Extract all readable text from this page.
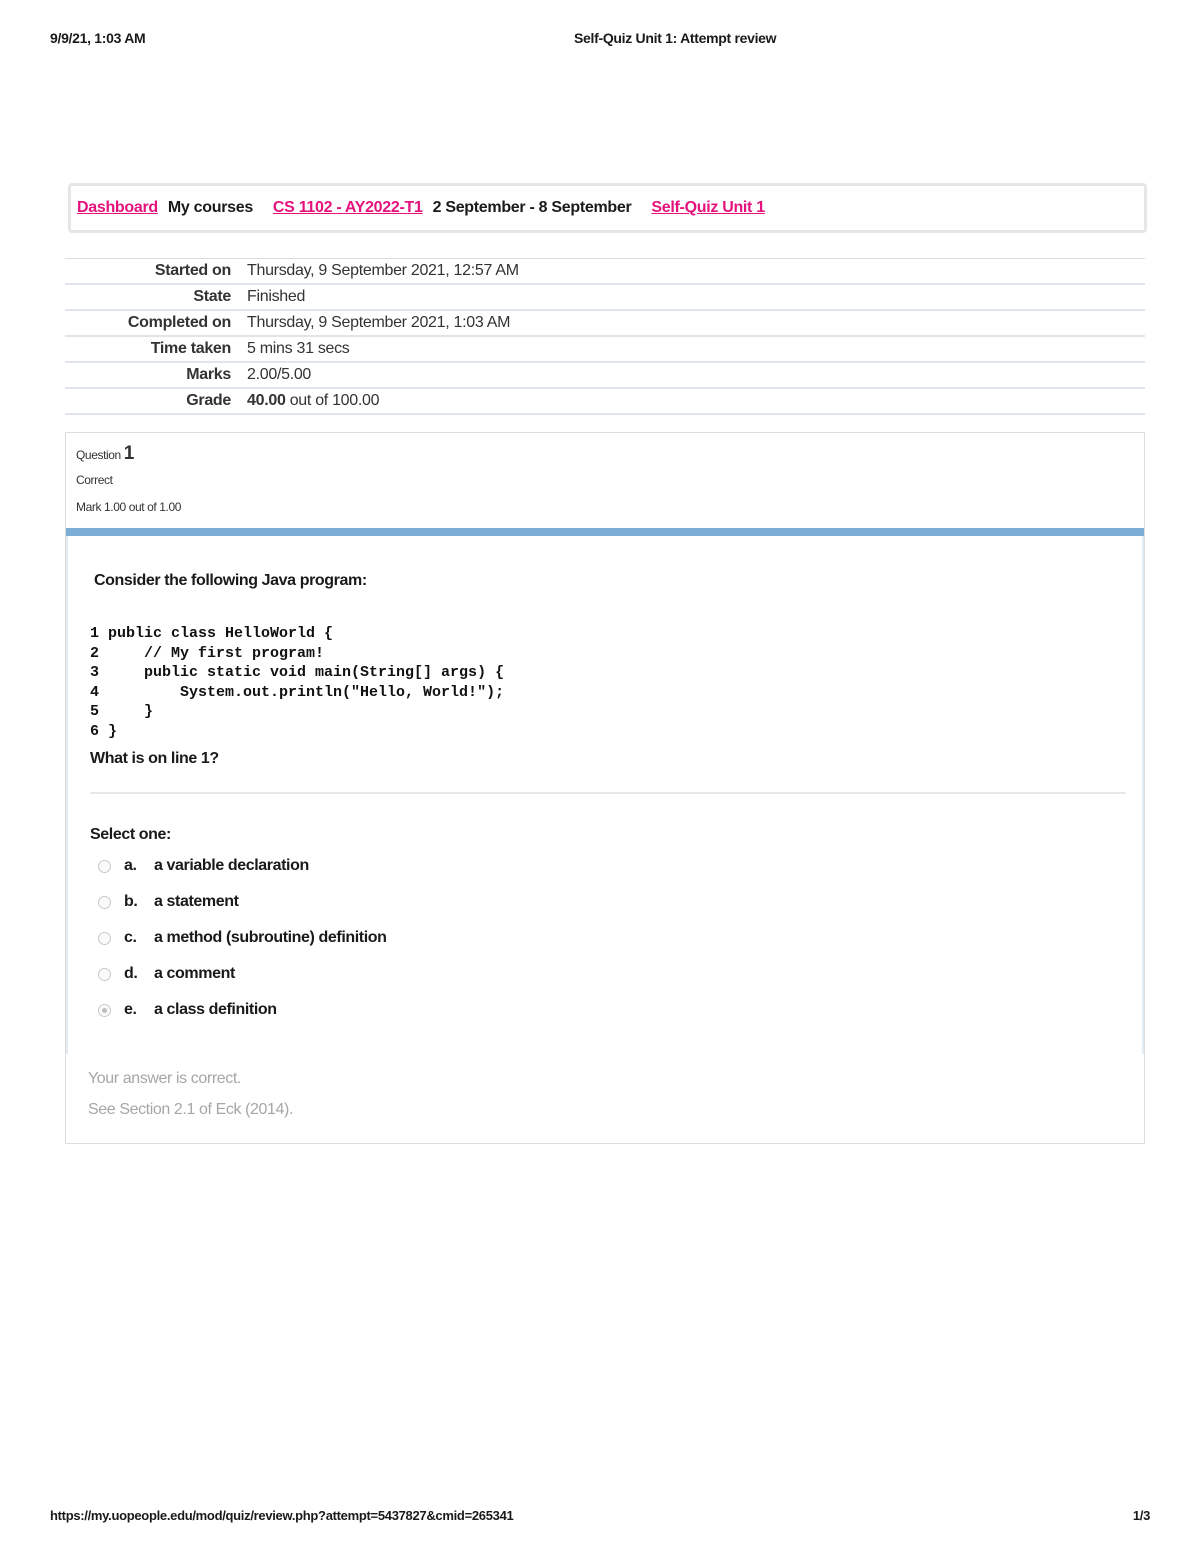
9/9/21, 1:03 AM	Self-Quiz Unit 1: Attempt review
Dashboard My courses CS 1102 - AY2022-T1 2 September - 8 September Self-Quiz Unit 1
Started on	Thursday, 9 September 2021, 12:57 AM
State	Finished
Completed on	Thursday, 9 September 2021, 1:03 AM
Time taken	5 mins 31 secs
Marks	2.00/5.00
Grade	40.00 out of 100.00
Question 1
Correct
Mark 1.00 out of 1.00
Consider the following Java program:
1 public class HelloWorld {
2     // My first program!
3     public static void main(String[] args) {
4         System.out.println("Hello, World!");
5     }
6 }
What is on line 1?
Select one:
a.	a variable declaration
b.	a statement
c.	a method (subroutine) definition
d.	a comment
e.	a class definition
Your answer is correct.
See Section 2.1 of Eck (2014).
https://my.uopeople.edu/mod/quiz/review.php?attempt=5437827&cmid=265341	1/3
